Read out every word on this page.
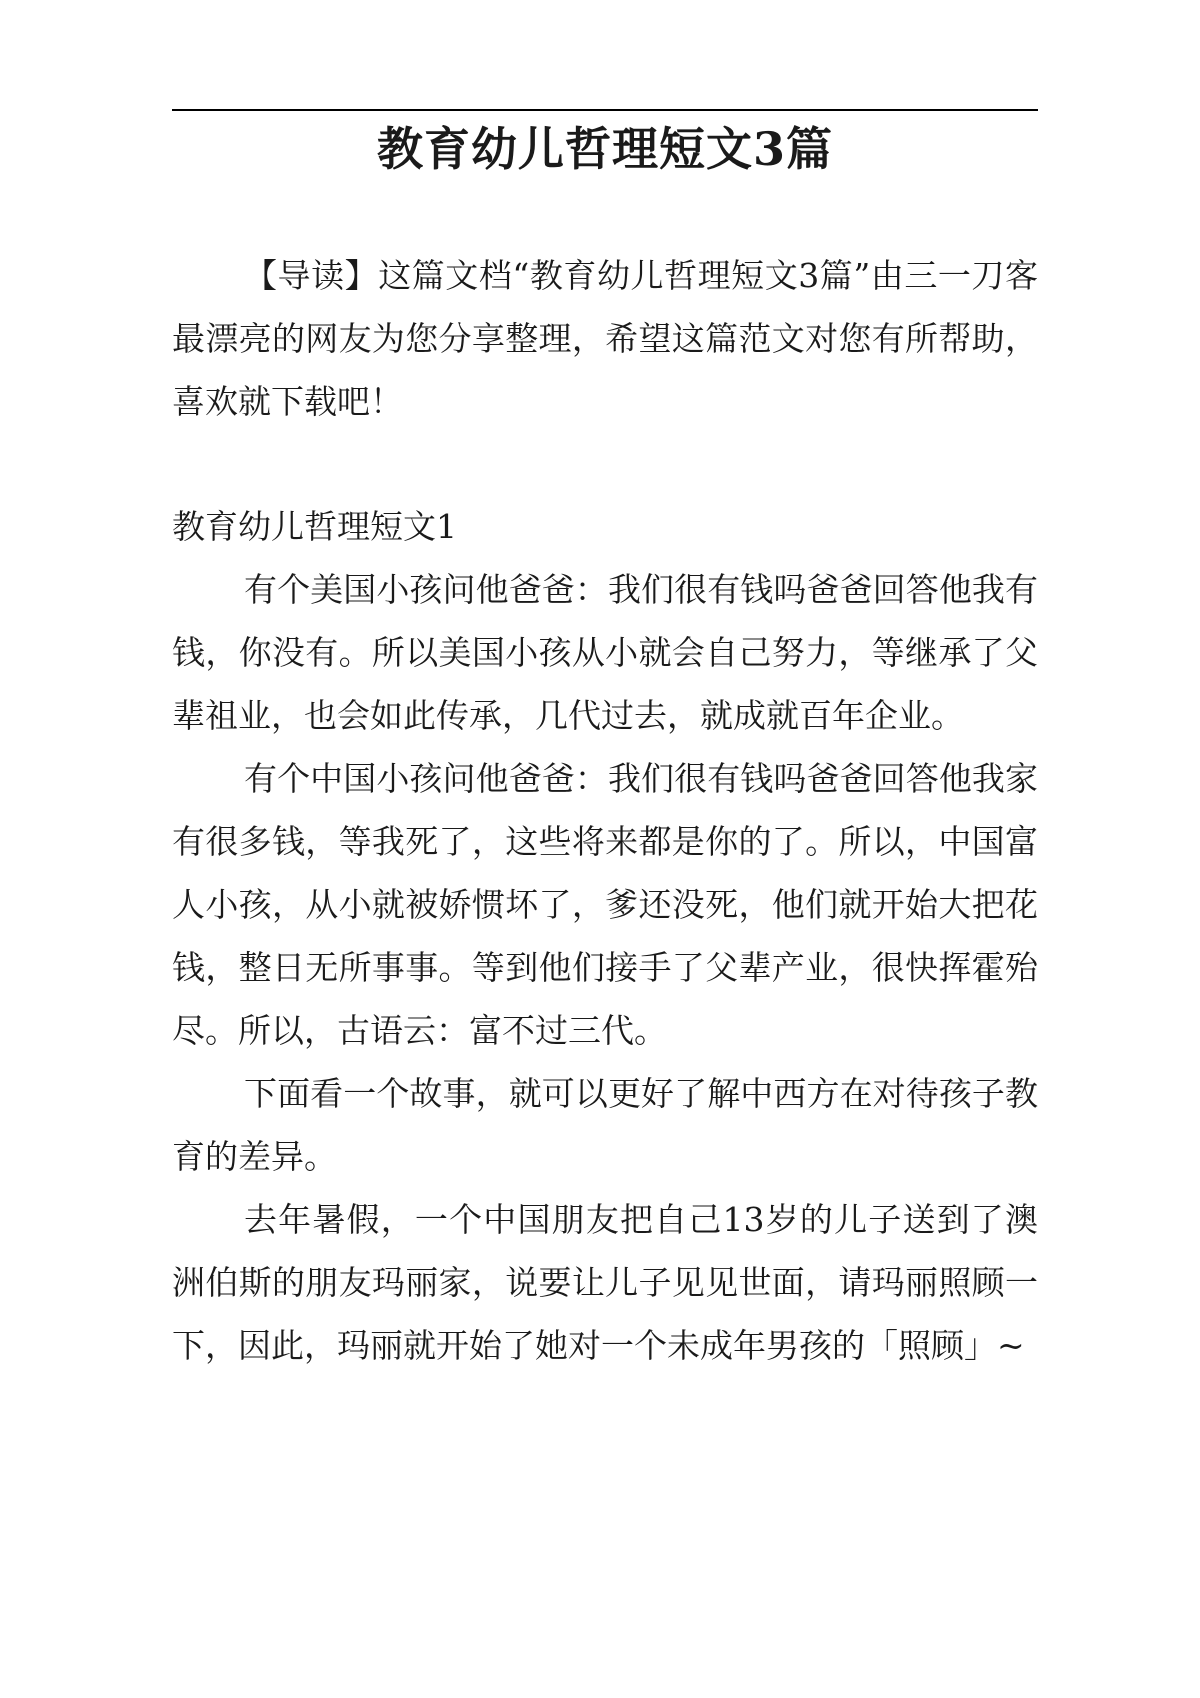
教育幼儿哲理短文3篇

【导读】这篇文档“教育幼儿哲理短文3篇”由三一刀客最漂亮的网友为您分享整理，希望这篇范文对您有所帮助，喜欢就下载吧！

教育幼儿哲理短文1

有个美国小孩问他爸爸：我们很有钱吗爸爸回答他我有钱，你没有。所以美国小孩从小就会自己努力，等继承了父辈祖业，也会如此传承，几代过去，就成就百年企业。

有个中国小孩问他爸爸：我们很有钱吗爸爸回答他我家有很多钱，等我死了，这些将来都是你的了。所以，中国富人小孩，从小就被娇惯坏了，爹还没死，他们就开始大把花钱，整日无所事事。等到他们接手了父辈产业，很快挥霍殆尽。所以，古语云：富不过三代。

下面看一个故事，就可以更好了解中西方在对待孩子教育的差异。

去年暑假，一个中国朋友把自己13岁的儿子送到了澳洲伯斯的朋友玛丽家，说要让儿子见见世面，请玛丽照顾一下，因此，玛丽就开始了她对一个未成年男孩的「照顾」~
